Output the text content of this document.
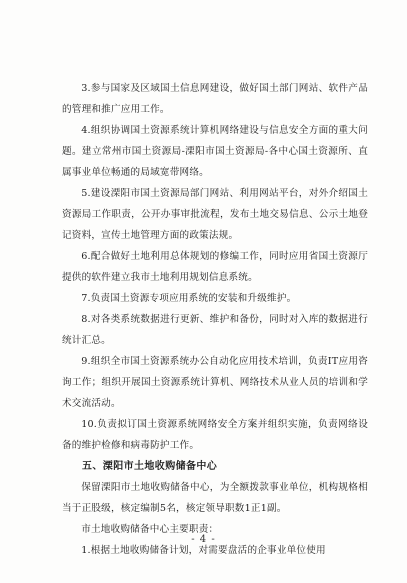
3.参与国家及区域国土信息网建设，做好国土部门网站、软件产品的管理和推广应用工作。

4.组织协调国土资源系统计算机网络建设与信息安全方面的重大问题。建立常州市国土资源局-溧阳市国土资源局-各中心国土资源所、直属事业单位畅通的局域宽带网络。

5.建设溧阳市国土资源局部门网站、利用网站平台，对外介绍国土资源局工作职责，公开办事审批流程，发布土地交易信息、公示土地登记资料，宣传土地管理方面的政策法规。

6.配合做好土地利用总体规划的修编工作，同时应用省国土资源厅提供的软件建立我市土地利用规划信息系统。

7.负责国土资源专项应用系统的安装和升级维护。

8.对各类系统数据进行更新、维护和备份，同时对入库的数据进行统计汇总。

9.组织全市国土资源系统办公自动化应用技术培训，负责IT应用咨询工作；组织开展国土资源系统计算机、网络技术从业人员的培训和学术交流活动。

10.负责拟订国土资源系统网络安全方案并组织实施，负责网络设备的维护检修和病毒防护工作。

五、溧阳市土地收购储备中心

保留溧阳市土地收购储备中心，为全额拨款事业单位，机构规格相当于正股级，核定编制5名，核定领导职数1正1副。

市土地收购储备中心主要职责：

1.根据土地收购储备计划，对需要盘活的企事业单位使用

- 4 -
